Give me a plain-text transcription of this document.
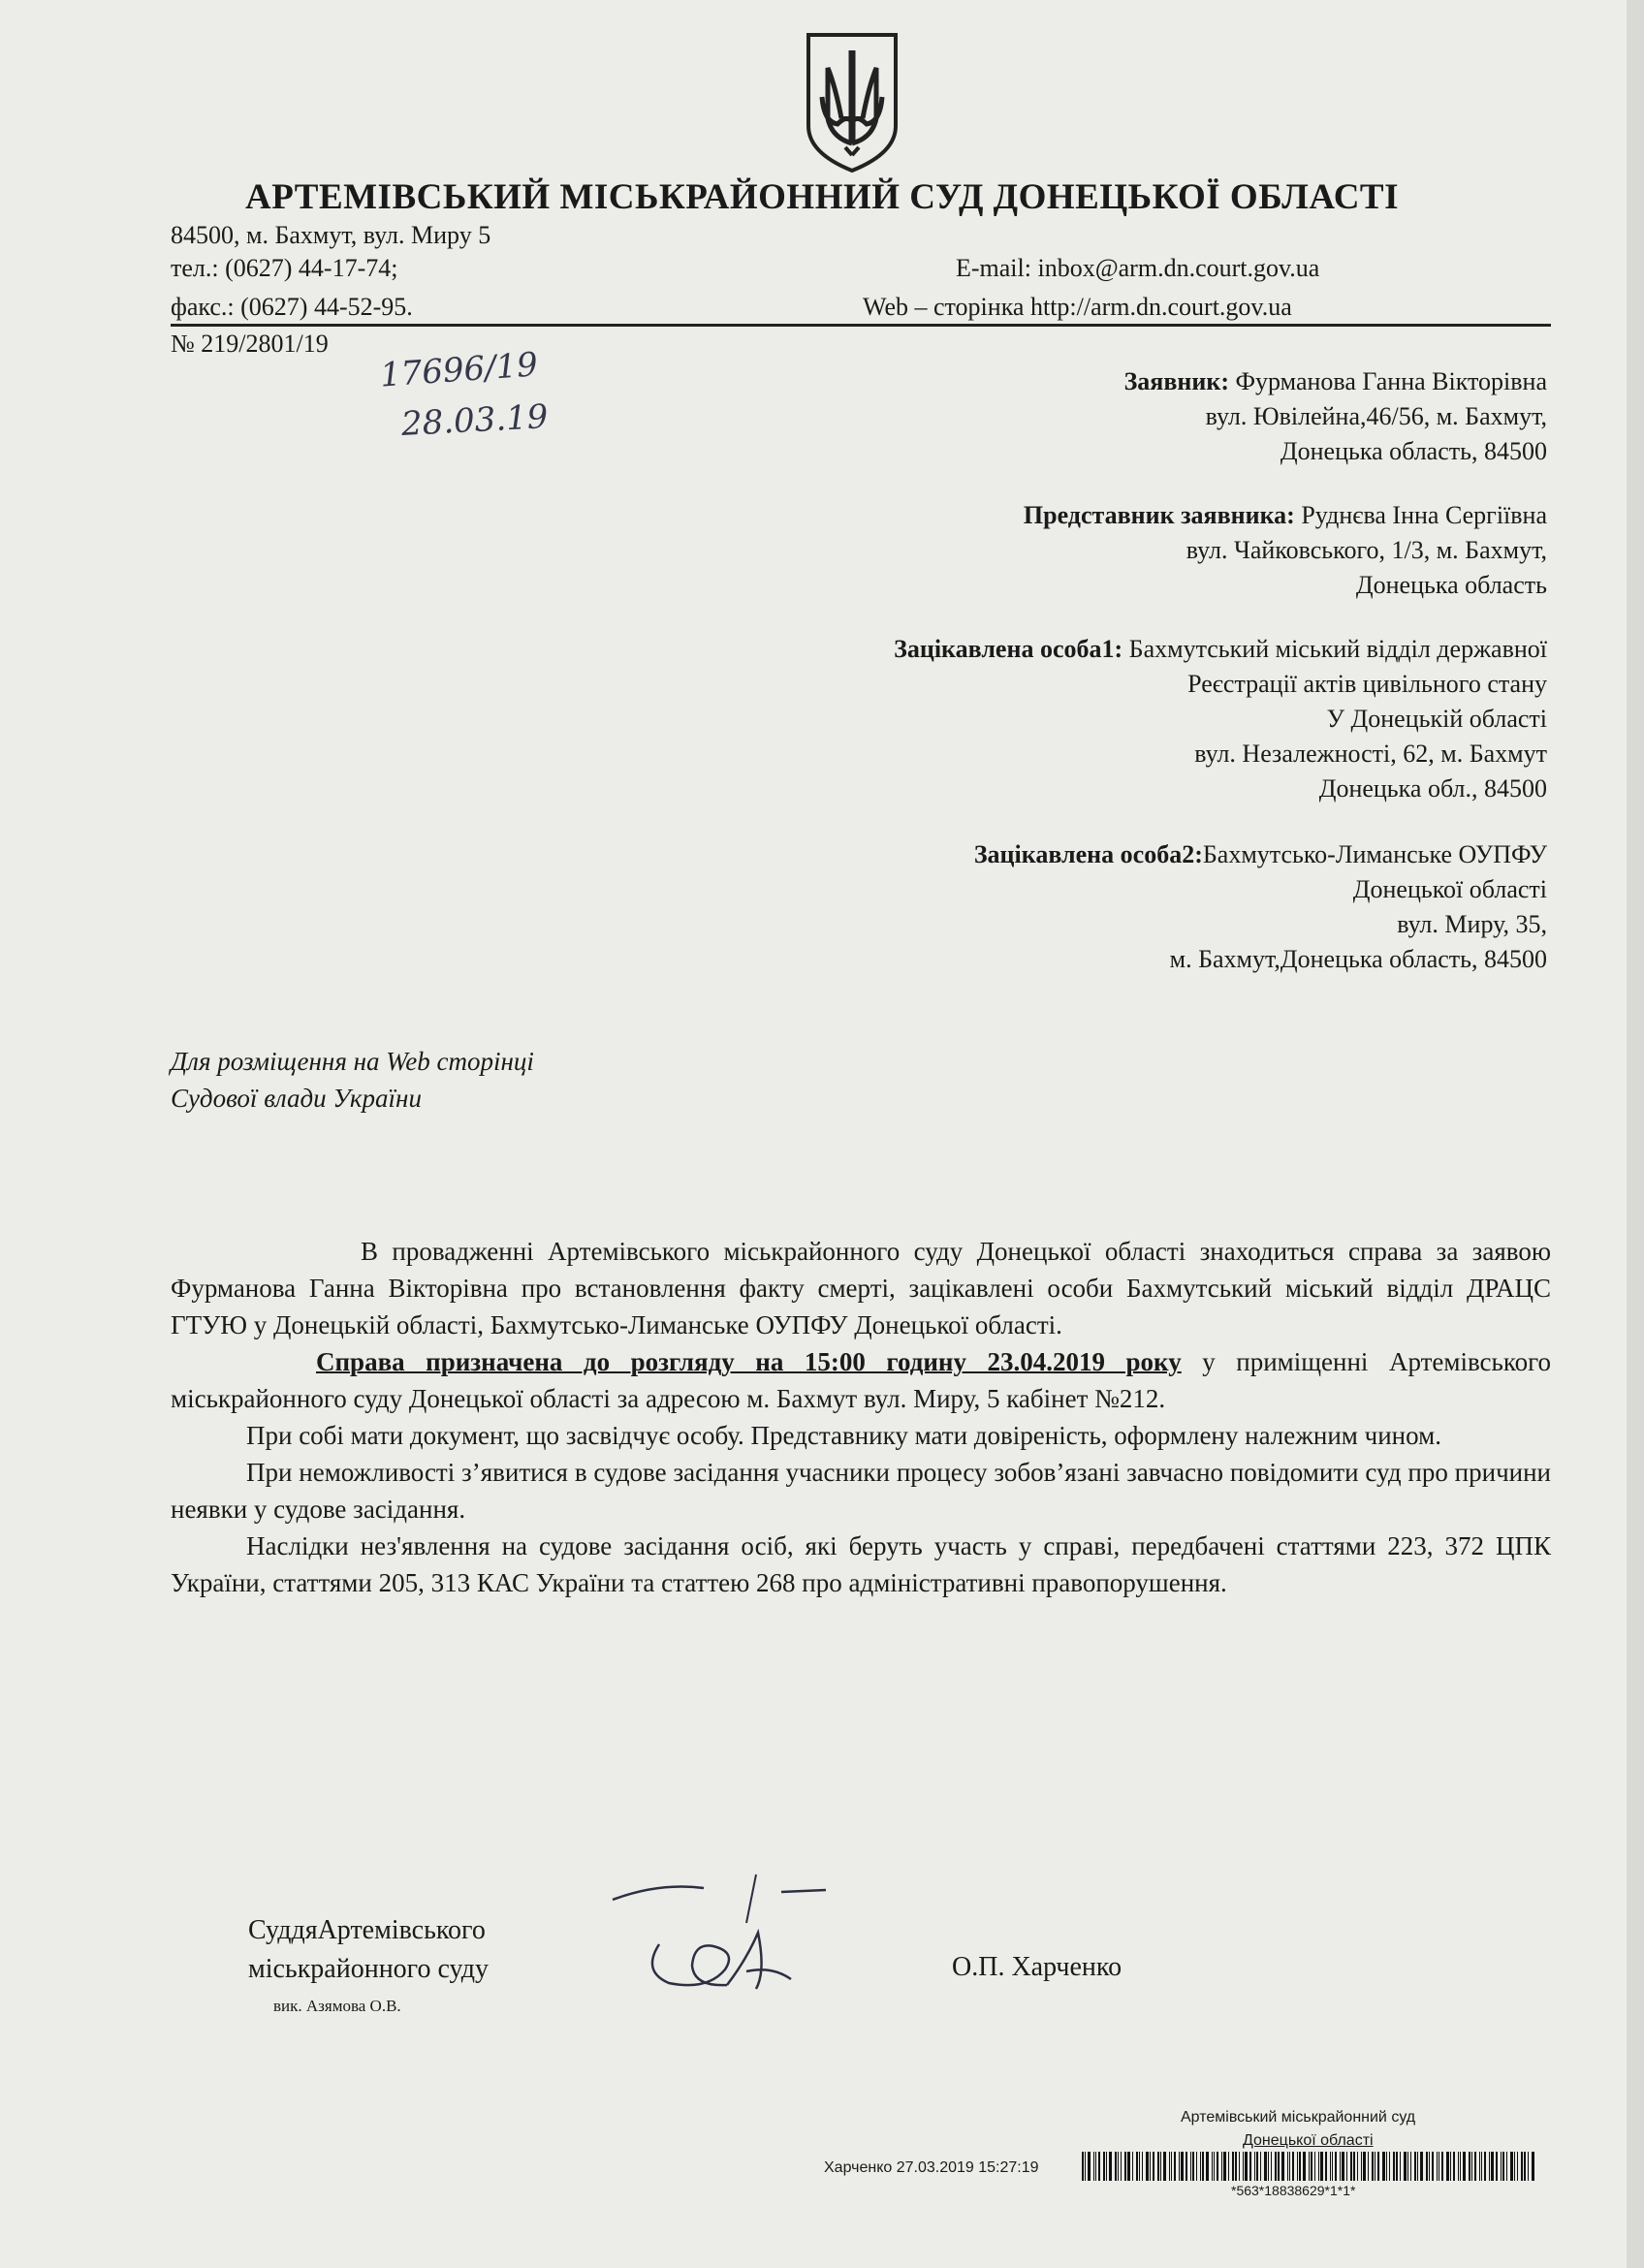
АРТЕМІВСЬКИЙ МІСЬКРАЙОННИЙ СУД ДОНЕЦЬКОЇ ОБЛАСТІ
84500, м. Бахмут, вул. Миру 5
тел.: (0627) 44-17-74;
факс.: (0627) 44-52-95.
E-mail: inbox@arm.dn.court.gov.ua
Web – сторінка http://arm.dn.court.gov.ua
№ 219/2801/19
17696/19
28.03.19
Заявник: Фурманова Ганна Вікторівна
вул. Ювілейна,46/56, м. Бахмут,
Донецька область, 84500
Представник заявника: Руднєва Інна Сергіївна
вул. Чайковського, 1/3, м. Бахмут,
Донецька область
Зацікавлена особа1: Бахмутський міський відділ державної
Реєстрації актів цивільного стану
У Донецькій області
вул. Незалежності, 62, м. Бахмут
Донецька обл., 84500
Зацікавлена особа2:Бахмутсько-Лиманське ОУПФУ
Донецької області
вул. Миру, 35,
м. Бахмут,Донецька область, 84500
Для розміщення на Web сторінці
Судової влади України

В провадженні Артемівського міськрайонного суду Донецької області знаходиться справа за заявою Фурманова Ганна Вікторівна про встановлення факту смерті, зацікавлені особи Бахмутський міський відділ ДРАЦС ГТУЮ у Донецькій області, Бахмутсько-Лиманське ОУПФУ Донецької області.

Справа призначена до розгляду на 15:00 годину 23.04.2019 року у приміщенні Артемівського міськрайонного суду Донецької області за адресою м. Бахмут вул. Миру, 5 кабінет №212.

При собі мати документ, що засвідчує особу. Представнику мати довіреність, оформлену належним чином.

При неможливості з’явитися в судове засідання учасники процесу зобов’язані завчасно повідомити суд про причини неявки у судове засідання.

Наслідки нез'явлення на судове засідання осіб, які беруть участь у справі, передбачені статтями 223, 372 ЦПК України, статтями 205, 313 КАС України та статтею 268 про адміністративні правопорушення.

СуддяАртемівського
міськрайонного суду
вик. Азямова О.В.
О.П. Харченко
Артемівський міськрайонний суд
Донецької області
Харченко 27.03.2019 15:27:19
*563*18838629*1*1*
